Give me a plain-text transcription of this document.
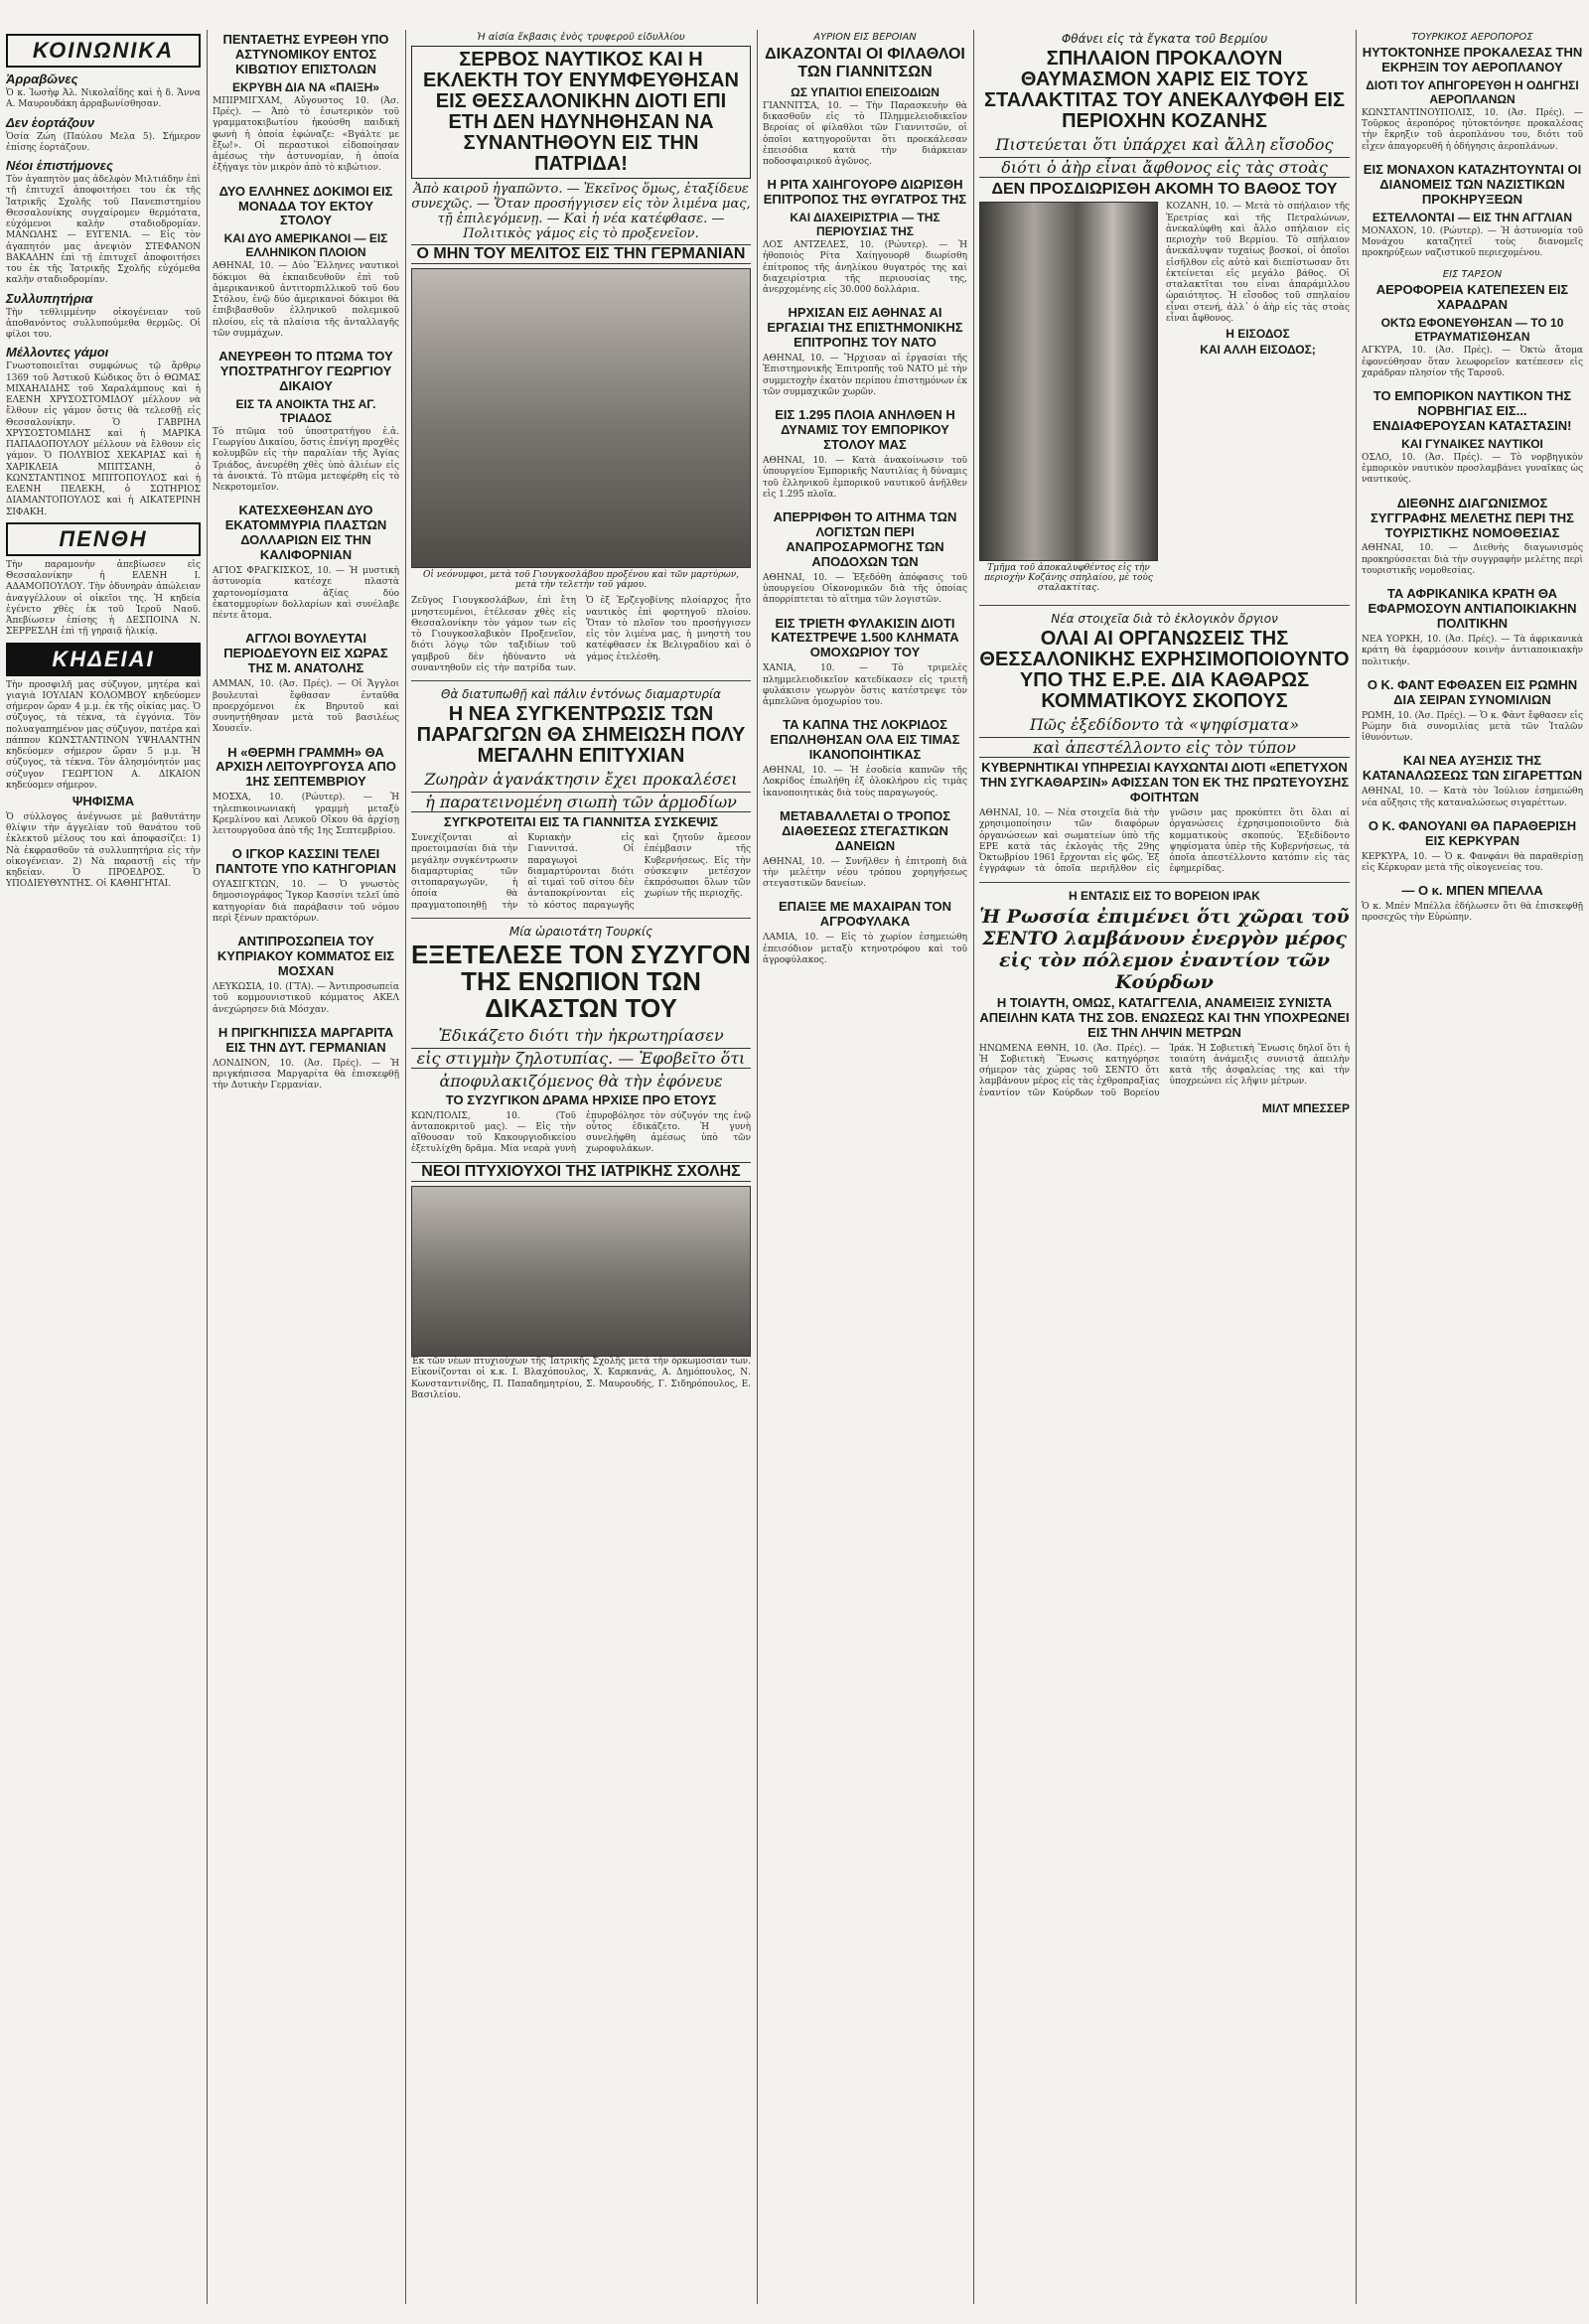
ΚΟΙΝΩΝΙΚΑ
Ἀρραβῶνες
Ὁ κ. Ἰωσὴφ Ἀλ. Νικολαΐδης καὶ ἡ δ. Ἄννα Α. Μαυρουδάκη ἀρραβωνίσθησαν.
Δεν ἑορτάζουν
Ὁσία Ζώη (Παύλου Μελα 5). Σήμερον ἐπίσης ἑορτάζουν.
Νέοι ἐπιστήμονες
Τὸν ἀγαπητὸν μας ἀδελφὸν Μιλτιάδην ἐπὶ τῇ ἐπιτυχεῖ ἀποφοιτήσει του ἐκ τῆς Ἰατρικῆς Σχολῆς τοῦ Πανεπιστημίου Θεσσαλονίκης συγχαίρομεν θερμότατα, εὐχόμενοι καλὴν σταδιοδρομίαν. ΜΑΝΩΛΗΣ — ΕΥΓΕΝΙΑ. — Εἰς τὸν ἀγαπητόν μας ἀνεψιὸν ΣΤΕΦΑΝΟΝ ΒΑΚΑΛΗΝ ἐπὶ τῇ ἐπιτυχεῖ ἀποφοιτήσει του ἐκ τῆς Ἰατρικῆς Σχολῆς εὐχόμεθα καλὴν σταδιοδρομίαν.
Συλλυπητήρια
Τὴν τεθλιμμένην οἰκογένειαν τοῦ ἀποθανόντος συλλυπούμεθα θερμῶς. Οἱ φίλοι του.
Μέλλοντες γάμοι
Γνωστοποιεῖται συμφώνως τῷ ἄρθρῳ 1369 τοῦ Ἀστικοῦ Κώδικος ὅτι ὁ ΘΩΜΑΣ ΜΙΧΑΗΛΙΔΗΣ τοῦ Χαραλάμπους καὶ ἡ ΕΛΕΝΗ ΧΡΥΣΟΣΤΟΜΙΔΟΥ μέλλουν νὰ ἔλθουν εἰς γάμον ὅστις θὰ τελεσθῇ εἰς Θεσσαλονίκην. Ὁ ΓΑΒΡΙΗΛ ΧΡΥΣΟΣΤΟΜΙΔΗΣ καὶ ἡ ΜΑΡΙΚΑ ΠΑΠΑΔΟΠΟΥΛΟΥ μέλλουν νὰ ἔλθουν εἰς γάμον. Ὁ ΠΟΛΥΒΙΟΣ ΧΕΚΑΡΙΑΣ καὶ ἡ ΧΑΡΙΚΛΕΙΑ ΜΠΙΤΣΑΝΗ, ὁ ΚΩΝΣΤΑΝΤΙΝΟΣ ΜΠΙΤΟΠΟΥΛΟΣ καὶ ἡ ΕΛΕΝΗ ΠΕΛΕΚΗ, ὁ ΣΩΤΗΡΙΟΣ ΔΙΑΜΑΝΤΟΠΟΥΛΟΣ καὶ ἡ ΑΙΚΑΤΕΡΙΝΗ ΣΙΦΑΚΗ.
ΠΕΝΘΗ
Τὴν παραμονὴν ἀπεβίωσεν εἰς Θεσσαλονίκην ἡ ΕΛΕΝΗ Ι. ΑΔΑΜΟΠΟΥΛΟΥ. Τὴν ὁδυνηρὰν ἀπώλειαν ἀναγγέλλουν οἱ οἰκεῖοι της. Ἡ κηδεία ἐγένετο χθὲς ἐκ τοῦ Ἱεροῦ Ναοῦ. Ἀπεβίωσεν ἐπίσης ἡ ΔΕΣΠΟΙΝΑ Ν. ΣΕΡΡΕΣΛΗ ἐπὶ τῇ γηραιᾷ ἡλικίᾳ.
ΚΗΔΕΙΑΙ
Τὴν προσφιλῆ μας σύζυγον, μητέρα καὶ γιαγιὰ ΙΟΥΛΙΑΝ ΚΟΛΟΜΒΟΥ κηδεύομεν σήμερον ὥραν 4 μ.μ. ἐκ τῆς οἰκίας μας. Ὁ σύζυγος, τὰ τέκνα, τὰ ἐγγόνια. Τὸν πολυαγαπημένον μας σύζυγον, πατέρα καὶ πάππον ΚΩΝΣΤΑΝΤΙΝΟΝ ΥΨΗΛΑΝΤΗΝ κηδεύομεν σήμερον ὥραν 5 μ.μ. Ἡ σύζυγος, τὰ τέκνα. Τὸν ἀλησμόνητόν μας σύζυγον ΓΕΩΡΓΙΟΝ Α. ΔΙΚΑΙΟΝ κηδεύομεν σήμερον.
ΨΗΦΙΣΜΑ
Ὁ σύλλογος ἀνέγνωσε μὲ βαθυτάτην θλίψιν τὴν ἀγγελίαν τοῦ θανάτου τοῦ ἐκλεκτοῦ μέλους του καὶ ἀποφασίζει: 1) Νὰ ἐκφρασθοῦν τὰ συλλυπητήρια εἰς τὴν οἰκογένειαν. 2) Νὰ παραστῇ εἰς τὴν κηδείαν. Ὁ ΠΡΟΕΔΡΟΣ. Ὁ ΥΠΟΔΙΕΥΘΥΝΤΗΣ. Οἱ ΚΑΘΗΓΗΤΑΙ.
ΠΕΝΤΑΕΤΗΣ ΕΥΡΕΘΗ ΥΠΟ ΑΣΤΥΝΟΜΙΚΟΥ ΕΝΤΟΣ ΚΙΒΩΤΙΟΥ ΕΠΙΣΤΟΛΩΝ
ΕΚΡΥΒΗ ΔΙΑ ΝΑ «ΠΑΙΞΗ»
ΜΠΙΡΜΙΓΧΑΜ, Αὔγουστος 10. (Ἀσ. Πρές). — Ἀπὸ τὸ ἐσωτερικὸν τοῦ γραμματοκιβωτίου ἠκούσθη παιδικὴ φωνὴ ἡ ὁποία ἐφώναζε: «Βγάλτε με ἔξω!». Οἱ περαστικοὶ εἰδοποίησαν ἀμέσως τὴν ἀστυνομίαν, ἡ ὁποία ἐξήγαγε τὸν μικρὸν ἀπὸ τὸ κιβώτιον.
ΔΥΟ ΕΛΛΗΝΕΣ ΔΟΚΙΜΟΙ ΕΙΣ ΜΟΝΑΔΑ ΤΟΥ ΕΚΤΟΥ ΣΤΟΛΟΥ
ΚΑΙ ΔΥΟ ΑΜΕΡΙΚΑΝΟΙ — ΕΙΣ ΕΛΛΗΝΙΚΟΝ ΠΛΟΙΟΝ
ΑΘΗΝΑΙ, 10. — Δύο Ἕλληνες ναυτικοὶ δόκιμοι θὰ ἐκπαιδευθοῦν ἐπὶ τοῦ ἀμερικανικοῦ ἀντιτορπιλλικοῦ τοῦ 6ου Στόλου, ἐνῷ δύο ἀμερικανοὶ δόκιμοι θὰ ἐπιβιβασθοῦν ἑλληνικοῦ πολεμικοῦ πλοίου, εἰς τὰ πλαίσια τῆς ἀνταλλαγῆς τῶν συμμάχων.
ΑΝΕΥΡΕΘΗ ΤΟ ΠΤΩΜΑ ΤΟΥ ΥΠΟΣΤΡΑΤΗΓΟΥ ΓΕΩΡΓΙΟΥ ΔΙΚΑΙΟΥ
ΕΙΣ ΤΑ ΑΝΟΙΚΤΑ ΤΗΣ ΑΓ. ΤΡΙΑΔΟΣ
Τὸ πτῶμα τοῦ ὑποστρατήγου ἐ.ἀ. Γεωργίου Δικαίου, ὅστις ἐπνίγη προχθὲς κολυμβῶν εἰς τὴν παραλίαν τῆς Ἁγίας Τριάδος, ἀνευρέθη χθὲς ὑπὸ ἁλιέων εἰς τὰ ἀνοικτά. Τὸ πτῶμα μετεφέρθη εἰς τὸ Νεκροτομεῖον.
ΚΑΤΕΣΧΕΘΗΣΑΝ ΔΥΟ ΕΚΑΤΟΜΜΥΡΙΑ ΠΛΑΣΤΩΝ ΔΟΛΛΑΡΙΩΝ ΕΙΣ ΤΗΝ ΚΑΛΙΦΟΡΝΙΑΝ
ΑΓΙΟΣ ΦΡΑΓΚΙΣΚΟΣ, 10. — Ἡ μυστικὴ ἀστυνομία κατέσχε πλαστὰ χαρτονομίσματα ἀξίας δύο ἑκατομμυρίων δολλαρίων καὶ συνέλαβε πέντε ἄτομα.
ΑΓΓΛΟΙ ΒΟΥΛΕΥΤΑΙ ΠΕΡΙΟΔΕΥΟΥΝ ΕΙΣ ΧΩΡΑΣ ΤΗΣ Μ. ΑΝΑΤΟΛΗΣ
ΑΜΜΑΝ, 10. (Ἀσ. Πρές). — Οἱ Ἄγγλοι βουλευταὶ ἔφθασαν ἐνταῦθα προερχόμενοι ἐκ Βηρυτοῦ καὶ συνηντήθησαν μετὰ τοῦ βασιλέως Χουσεΐν.
Η «ΘΕΡΜΗ ΓΡΑΜΜΗ» ΘΑ ΑΡΧΙΣΗ ΛΕΙΤΟΥΡΓΟΥΣΑ ΑΠΟ 1ΗΣ ΣΕΠΤΕΜΒΡΙΟΥ
ΜΟΣΧΑ, 10. (Ρώυτερ). — Ἡ τηλεπικοινωνιακὴ γραμμὴ μεταξὺ Κρεμλίνου καὶ Λευκοῦ Οἴκου θὰ ἀρχίσῃ λειτουργοῦσα ἀπὸ τῆς 1ης Σεπτεμβρίου.
Ο ΙΓΚΟΡ ΚΑΣΣΙΝΙ ΤΕΛΕΙ ΠΑΝΤΟΤΕ ΥΠΟ ΚΑΤΗΓΟΡΙΑΝ
ΟΥΑΣΙΓΚΤΩΝ, 10. — Ὁ γνωστὸς δημοσιογράφος Ἴγκορ Κασσίνι τελεῖ ὑπὸ κατηγορίαν διὰ παράβασιν τοῦ νόμου περὶ ξένων πρακτόρων.
ΑΝΤΙΠΡΟΣΩΠΕΙΑ ΤΟΥ ΚΥΠΡΙΑΚΟΥ ΚΟΜΜΑΤΟΣ ΕΙΣ ΜΟΣΧΑΝ
ΛΕΥΚΩΣΙΑ, 10. (ΓΤΑ). — Ἀντιπροσωπεία τοῦ κομμουνιστικοῦ κόμματος ΑΚΕΛ ἀνεχώρησεν διὰ Μόσχαν.
Η ΠΡΙΓΚΗΠΙΣΣΑ ΜΑΡΓΑΡΙΤΑ ΕΙΣ ΤΗΝ ΔΥΤ. ΓΕΡΜΑΝΙΑΝ
ΛΟΝΔΙΝΟΝ, 10. (Ἀσ. Πρές). — Ἡ πριγκήπισσα Μαργαρίτα θὰ ἐπισκεφθῇ τὴν Δυτικὴν Γερμανίαν.
Ἡ αἰσία ἔκβασις ἑνὸς τρυφεροῦ εἰδυλλίου
ΣΕΡΒΟΣ ΝΑΥΤΙΚΟΣ ΚΑΙ Η ΕΚΛΕΚΤΗ ΤΟΥ ΕΝΥΜΦΕΥΘΗΣΑΝ ΕΙΣ ΘΕΣΣΑΛΟΝΙΚΗΝ ΔΙΟΤΙ ΕΠΙ ΕΤΗ ΔΕΝ ΗΔΥΝΗΘΗΣΑΝ ΝΑ ΣΥΝΑΝΤΗΘΟΥΝ ΕΙΣ ΤΗΝ ΠΑΤΡΙΔΑ!
Ἀπὸ καιροῦ ἠγαπῶντο. — Ἐκεῖνος ὅμως, ἐταξίδευε συνεχῶς. — Ὅταν προσήγγισεν εἰς τὸν λιμένα μας, τῇ ἐπιλεγόμενῃ. — Καὶ ἡ νέα κατέφθασε. — Πολιτικὸς γάμος εἰς τὸ προξενεῖον.
Ο ΜΗΝ ΤΟΥ ΜΕΛΙΤΟΣ ΕΙΣ ΤΗΝ ΓΕΡΜΑΝΙΑΝ
Οἱ νεόνυμφοι, μετὰ τοῦ Γιουγκοσλάβου προξένου καὶ τῶν μαρτύρων, μετὰ τὴν τελετὴν τοῦ γάμου.
Ζεῦγος Γιουγκοσλάβων, ἐπὶ ἔτη μνηστευμένοι, ἐτέλεσαν χθὲς εἰς Θεσσαλονίκην τὸν γάμον των εἰς τὸ Γιουγκοσλαβικὸν Προξενεῖον, διότι λόγῳ τῶν ταξιδίων τοῦ γαμβροῦ δὲν ἠδύναντο νὰ συναντηθοῦν εἰς τὴν πατρίδα των. Ὁ ἐξ Ἐρζεγοβίνης πλοίαρχος ἦτο ναυτικὸς ἐπὶ φορτηγοῦ πλοίου. Ὅταν τὸ πλοῖον του προσήγγισεν εἰς τὸν λιμένα μας, ἡ μνηστὴ του κατέφθασεν ἐκ Βελιγραδίου καὶ ὁ γάμος ἐτελέσθη.
Θὰ διατυπωθῇ καὶ πάλιν ἐντόνως διαμαρτυρία
Η ΝΕΑ ΣΥΓΚΕΝΤΡΩΣΙΣ ΤΩΝ ΠΑΡΑΓΩΓΩΝ ΘΑ ΣΗΜΕΙΩΣΗ ΠΟΛΥ ΜΕΓΑΛΗΝ ΕΠΙΤΥΧΙΑΝ
Ζωηρὰν ἀγανάκτησιν ἔχει προκαλέσει
ἡ παρατεινομένη σιωπὴ τῶν ἁρμοδίων
ΣΥΓΚΡΟΤΕΙΤΑΙ ΕΙΣ ΤΑ ΓΙΑΝΝΙΤΣΑ ΣΥΣΚΕΨΙΣ
Συνεχίζονται αἱ προετοιμασίαι διὰ τὴν μεγάλην συγκέντρωσιν διαμαρτυρίας τῶν σιτοπαραγωγῶν, ἡ ὁποία θὰ πραγματοποιηθῇ τὴν Κυριακὴν εἰς Γιαννιτσά. Οἱ παραγωγοὶ διαμαρτύρονται διότι αἱ τιμαὶ τοῦ σίτου δὲν ἀνταποκρίνονται εἰς τὸ κόστος παραγωγῆς καὶ ζητοῦν ἄμεσον ἐπέμβασιν τῆς Κυβερνήσεως. Εἰς τὴν σύσκεψιν μετέσχον ἐκπρόσωποι ὅλων τῶν χωρίων τῆς περιοχῆς.
Μία ὡραιοτάτη Τουρκίς
ΕΞΕΤΕΛΕΣΕ ΤΟΝ ΣΥΖΥΓΟΝ ΤΗΣ ΕΝΩΠΙΟΝ ΤΩΝ ΔΙΚΑΣΤΩΝ ΤΟΥ
Ἐδικάζετο διότι τὴν ἠκρωτηρίασεν
εἰς στιγμὴν ζηλοτυπίας. — Ἐφοβεῖτο ὅτι
ἀποφυλακιζόμενος θὰ τὴν ἐφόνευε
ΤΟ ΣΥΖΥΓΙΚΟΝ ΔΡΑΜΑ ΗΡΧΙΣΕ ΠΡΟ ΕΤΟΥΣ
ΚΩΝ/ΠΟΛΙΣ, 10. (Τοῦ ἀνταποκριτοῦ μας). — Εἰς τὴν αἴθουσαν τοῦ Κακουργιοδικείου ἐξετυλίχθη δρᾶμα. Μία νεαρὰ γυνὴ ἐπυροβόλησε τὸν σύζυγόν της ἐνῷ οὗτος ἐδικάζετο. Ἡ γυνὴ συνελήφθη ἀμέσως ὑπὸ τῶν χωροφυλάκων.
ΝΕΟΙ ΠΤΥΧΙΟΥΧΟΙ ΤΗΣ ΙΑΤΡΙΚΗΣ ΣΧΟΛΗΣ
Ἐκ τῶν νέων πτυχιούχων τῆς Ἰατρικῆς Σχολῆς μετὰ τὴν ὁρκωμοσίαν των. Εἰκονίζονται οἱ κ.κ. Ι. Βλαχόπουλος, Χ. Καρκανάς, Α. Δημόπουλος, Ν. Κωνσταντινίδης, Π. Παπαδημητρίου, Σ. Μαυρουδής, Γ. Σιδηρόπουλος, Ε. Βασιλείου.
ΑΥΡΙΟΝ ΕΙΣ ΒΕΡΟΙΑΝ
ΔΙΚΑΖΟΝΤΑΙ ΟΙ ΦΙΛΑΘΛΟΙ ΤΩΝ ΓΙΑΝΝΙΤΣΩΝ
ΩΣ ΥΠΑΙΤΙΟΙ ΕΠΕΙΣΟΔΙΩΝ
ΓΙΑΝΝΙΤΣΑ, 10. — Τὴν Παρασκευὴν θὰ δικασθοῦν εἰς τὸ Πλημμελειοδικεῖον Βεροίας οἱ φίλαθλοι τῶν Γιαννιτσῶν, οἱ ὁποῖοι κατηγοροῦνται ὅτι προεκάλεσαν ἐπεισόδια κατὰ τὴν διάρκειαν ποδοσφαιρικοῦ ἀγῶνος.
Η ΡΙΤΑ ΧΑΙΗΓΟΥΟΡΘ ΔΙΩΡΙΣΘΗ ΕΠΙΤΡΟΠΟΣ ΤΗΣ ΘΥΓΑΤΡΟΣ ΤΗΣ
ΚΑΙ ΔΙΑΧΕΙΡΙΣΤΡΙΑ — ΤΗΣ ΠΕΡΙΟΥΣΙΑΣ ΤΗΣ
ΛΟΣ ΑΝΤΖΕΛΕΣ, 10. (Ρώυτερ). — Ἡ ἠθοποιὸς Ρίτα Χαίηγουορθ διωρίσθη ἐπίτροπος τῆς ἀνηλίκου θυγατρός της καὶ διαχειρίστρια τῆς περιουσίας της, ἀνερχομένης εἰς 30.000 δολλάρια.
ΗΡΧΙΣΑΝ ΕΙΣ ΑΘΗΝΑΣ ΑΙ ΕΡΓΑΣΙΑΙ ΤΗΣ ΕΠΙΣΤΗΜΟΝΙΚΗΣ ΕΠΙΤΡΟΠΗΣ ΤΟΥ ΝΑΤΟ
ΑΘΗΝΑΙ, 10. — Ἤρχισαν αἱ ἐργασίαι τῆς Ἐπιστημονικῆς Ἐπιτροπῆς τοῦ ΝΑΤΟ μὲ τὴν συμμετοχὴν ἑκατὸν περίπου ἐπιστημόνων ἐκ τῶν συμμαχικῶν χωρῶν.
ΕΙΣ 1.295 ΠΛΟΙΑ ΑΝΗΛΘΕΝ Η ΔΥΝΑΜΙΣ ΤΟΥ ΕΜΠΟΡΙΚΟΥ ΣΤΟΛΟΥ ΜΑΣ
ΑΘΗΝΑΙ, 10. — Κατὰ ἀνακοίνωσιν τοῦ ὑπουργείου Ἐμπορικῆς Ναυτιλίας ἡ δύναμις τοῦ ἑλληνικοῦ ἐμπορικοῦ ναυτικοῦ ἀνῆλθεν εἰς 1.295 πλοῖα.
ΑΠΕΡΡΙΦΘΗ ΤΟ ΑΙΤΗΜΑ ΤΩΝ ΛΟΓΙΣΤΩΝ ΠΕΡΙ ΑΝΑΠΡΟΣΑΡΜΟΓΗΣ ΤΩΝ ΑΠΟΔΟΧΩΝ ΤΩΝ
ΑΘΗΝΑΙ, 10. — Ἐξεδόθη ἀπόφασις τοῦ ὑπουργείου Οἰκονομικῶν διὰ τῆς ὁποίας ἀπορρίπτεται τὸ αἴτημα τῶν λογιστῶν.
ΕΙΣ ΤΡΙΕΤΗ ΦΥΛΑΚΙΣΙΝ ΔΙΟΤΙ ΚΑΤΕΣΤΡΕΨΕ 1.500 ΚΛΗΜΑΤΑ ΟΜΟΧΩΡΙΟΥ ΤΟΥ
ΧΑΝΙΑ, 10. — Τὸ τριμελὲς πλημμελειοδικεῖον κατεδίκασεν εἰς τριετῆ φυλάκισιν γεωργὸν ὅστις κατέστρεψε τὸν ἀμπελῶνα ὁμοχωρίου του.
ΤΑ ΚΑΠΝΑ ΤΗΣ ΛΟΚΡΙΔΟΣ ΕΠΩΛΗΘΗΣΑΝ ΟΛΑ ΕΙΣ ΤΙΜΑΣ ΙΚΑΝΟΠΟΙΗΤΙΚΑΣ
ΑΘΗΝΑΙ, 10. — Ἡ ἐσοδεία καπνῶν τῆς Λοκρίδος ἐπωλήθη ἐξ ὁλοκλήρου εἰς τιμὰς ἱκανοποιητικὰς διὰ τοὺς παραγωγούς.
ΜΕΤΑΒΑΛΛΕΤΑΙ Ο ΤΡΟΠΟΣ ΔΙΑΘΕΣΕΩΣ ΣΤΕΓΑΣΤΙΚΩΝ ΔΑΝΕΙΩΝ
ΑΘΗΝΑΙ, 10. — Συνῆλθεν ἡ ἐπιτροπὴ διὰ τὴν μελέτην νέου τρόπου χορηγήσεως στεγαστικῶν δανείων.
ΕΠΑΙΞΕ ΜΕ ΜΑΧΑΙΡΑΝ ΤΟΝ ΑΓΡΟΦΥΛΑΚΑ
ΛΑΜΙΑ, 10. — Εἰς τὸ χωρίον ἐσημειώθη ἐπεισόδιον μεταξὺ κτηνοτρόφου καὶ τοῦ ἀγροφύλακος.
Φθάνει εἰς τὰ ἔγκατα τοῦ Βερμίου
ΣΠΗΛΑΙΟΝ ΠΡΟΚΑΛΟΥΝ ΘΑΥΜΑΣΜΟΝ ΧΑΡΙΣ ΕΙΣ ΤΟΥΣ ΣΤΑΛΑΚΤΙΤΑΣ ΤΟΥ ΑΝΕΚΑΛΥΦΘΗ ΕΙΣ ΠΕΡΙΟΧΗΝ ΚΟΖΑΝΗΣ
Πιστεύεται ὅτι ὑπάρχει καὶ ἄλλη εἴσοδος
διότι ὁ ἀὴρ εἶναι ἄφθονος εἰς τὰς στοὰς
ΔΕΝ ΠΡΟΣΔΙΩΡΙΣΘΗ ΑΚΟΜΗ ΤΟ ΒΑΘΟΣ ΤΟΥ
Τμῆμα τοῦ ἀποκαλυφθέντος εἰς τὴν περιοχὴν Κοζάνης σπηλαίου, μὲ τοὺς σταλακτίτας.
ΚΟΖΑΝΗ, 10. — Μετὰ τὸ σπήλαιον τῆς Ἐρετρίας καὶ τῆς Πετραλώνων, ἀνεκαλύφθη καὶ ἄλλο σπήλαιον εἰς περιοχὴν τοῦ Βερμίου. Τὸ σπήλαιον ἀνεκάλυψαν τυχαίως βοσκοί, οἱ ὁποῖοι εἰσῆλθον εἰς αὐτὸ καὶ διεπίστωσαν ὅτι ἐκτείνεται εἰς μεγάλο βάθος. Οἱ σταλακτῖται του εἶναι ἀπαράμιλλου ὡραιότητος. Ἡ εἴσοδος τοῦ σπηλαίου εἶναι στενή, ἀλλ᾽ ὁ ἀὴρ εἰς τὰς στοὰς εἶναι ἄφθονος.
Η ΕΙΣΟΔΟΣ
ΚΑΙ ΑΛΛΗ ΕΙΣΟΔΟΣ;
Νέα στοιχεῖα διὰ τὸ ἐκλογικὸν ὄργιον
ΟΛΑΙ ΑΙ ΟΡΓΑΝΩΣΕΙΣ ΤΗΣ ΘΕΣΣΑΛΟΝΙΚΗΣ ΕΧΡΗΣΙΜΟΠΟΙΟΥΝΤΟ ΥΠΟ ΤΗΣ Ε.Ρ.Ε. ΔΙΑ ΚΑΘΑΡΩΣ ΚΟΜΜΑΤΙΚΟΥΣ ΣΚΟΠΟΥΣ
Πῶς ἐξεδίδοντο τὰ «ψηφίσματα»
καὶ ἀπεστέλλοντο εἰς τὸν τύπον
ΚΥΒΕΡΝΗΤΙΚΑΙ ΥΠΗΡΕΣΙΑΙ ΚΑΥΧΩΝΤΑΙ ΔΙΟΤΙ «ΕΠΕΤΥΧΟΝ ΤΗΝ ΣΥΓΚΑΘΑΡΣΙΝ» ΑΦΙΣΣΑΝ ΤΟΝ ΕΚ ΤΗΣ ΠΡΩΤΕΥΟΥΣΗΣ ΦΟΙΤΗΤΩΝ
ΑΘΗΝΑΙ, 10. — Νέα στοιχεῖα διὰ τὴν χρησιμοποίησιν τῶν διαφόρων ὀργανώσεων καὶ σωματείων ὑπὸ τῆς ΕΡΕ κατὰ τὰς ἐκλογὰς τῆς 29ης Ὀκτωβρίου 1961 ἔρχονται εἰς φῶς. Ἐξ ἐγγράφων τὰ ὁποῖα περιῆλθον εἰς γνῶσιν μας προκύπτει ὅτι ὅλαι αἱ ὀργανώσεις ἐχρησιμοποιοῦντο διὰ κομματικοὺς σκοπούς. Ἐξεδίδοντο ψηφίσματα ὑπὲρ τῆς Κυβερνήσεως, τὰ ὁποῖα ἀπεστέλλοντο κατόπιν εἰς τὰς ἐφημερίδας.
Η ΕΝΤΑΣΙΣ ΕΙΣ ΤΟ ΒΟΡΕΙΟΝ ΙΡΑΚ
Ἡ Ρωσσία ἐπιμένει ὅτι χῶραι τοῦ ΣΕΝΤΟ λαμβάνουν ἐνεργὸν μέρος εἰς τὸν πόλεμον ἐναντίον τῶν Κούρδων
Η ΤΟΙΑΥΤΗ, ΟΜΩΣ, ΚΑΤΑΓΓΕΛΙΑ, ΑΝΑΜΕΙΞΙΣ ΣΥΝΙΣΤΑ ΑΠΕΙΛΗΝ ΚΑΤΑ ΤΗΣ ΣΟΒ. ΕΝΩΣΕΩΣ ΚΑΙ ΤΗΝ ΥΠΟΧΡΕΩΝΕΙ ΕΙΣ ΤΗΝ ΛΗΨΙΝ ΜΕΤΡΩΝ
ΗΝΩΜΕΝΑ ΕΘΝΗ, 10. (Ἀσ. Πρές). — Ἡ Σοβιετικὴ Ἕνωσις κατηγόρησε σήμερον τὰς χώρας τοῦ ΣΕΝΤΟ ὅτι λαμβάνουν μέρος εἰς τὰς ἐχθροπραξίας ἐναντίον τῶν Κούρδων τοῦ Βορείου Ἰράκ. Ἡ Σοβιετικὴ Ἕνωσις δηλοῖ ὅτι ἡ τοιαύτη ἀνάμειξις συνιστᾷ ἀπειλὴν κατὰ τῆς ἀσφαλείας της καὶ τὴν ὑποχρεώνει εἰς λῆψιν μέτρων.
ΜΙΛΤ ΜΠΕΣΣΕΡ
ΤΟΥΡΚΙΚΟΣ ΑΕΡΟΠΟΡΟΣ
ΗΥΤΟΚΤΟΝΗΣΕ ΠΡΟΚΑΛΕΣΑΣ ΤΗΝ ΕΚΡΗΞΙΝ ΤΟΥ ΑΕΡΟΠΛΑΝΟΥ
ΔΙΟΤΙ ΤΟΥ ΑΠΗΓΟΡΕΥΘΗ Η ΟΔΗΓΗΣΙ ΑΕΡΟΠΛΑΝΩΝ
ΚΩΝΣΤΑΝΤΙΝΟΥΠΟΛΙΣ, 10. (Ἀσ. Πρές). — Τοῦρκος ἀεροπόρος ηὐτοκτόνησε προκαλέσας τὴν ἔκρηξιν τοῦ ἀεροπλάνου του, διότι τοῦ εἶχεν ἀπαγορευθῆ ἡ ὁδήγησις ἀεροπλάνων.
ΕΙΣ ΜΟΝΑΧΟΝ ΚΑΤΑΖΗΤΟΥΝΤΑΙ ΟΙ ΔΙΑΝΟΜΕΙΣ ΤΩΝ ΝΑΖΙΣΤΙΚΩΝ ΠΡΟΚΗΡΥΞΕΩΝ
ΕΣΤΕΛΛΟΝΤΑΙ — ΕΙΣ ΤΗΝ ΑΓΓΛΙΑΝ
ΜΟΝΑΧΟΝ, 10. (Ρώυτερ). — Ἡ ἀστυνομία τοῦ Μονάχου καταζητεῖ τοὺς διανομεῖς προκηρύξεων ναζιστικοῦ περιεχομένου.
ΕΙΣ ΤΑΡΣΟΝ
ΑΕΡΟΦΟΡΕΙΑ ΚΑΤΕΠΕΣΕΝ ΕΙΣ ΧΑΡΑΔΡΑΝ
ΟΚΤΩ ΕΦΟΝΕΥΘΗΣΑΝ — ΤΟ 10 ΕΤΡΑΥΜΑΤΙΣΘΗΣΑΝ
ΑΓΚΥΡΑ, 10. (Ἀσ. Πρές). — Ὀκτὼ ἄτομα ἐφονεύθησαν ὅταν λεωφορεῖον κατέπεσεν εἰς χαράδραν πλησίον τῆς Ταρσοῦ.
ΤΟ ΕΜΠΟΡΙΚΟΝ ΝΑΥΤΙΚΟΝ ΤΗΣ ΝΟΡΒΗΓΙΑΣ ΕΙΣ... ΕΝΔΙΑΦΕΡΟΥΣΑΝ ΚΑΤΑΣΤΑΣΙΝ!
ΚΑΙ ΓΥΝΑΙΚΕΣ ΝΑΥΤΙΚΟΙ
ΟΣΛΟ, 10. (Ἀσ. Πρές). — Τὸ νορβηγικὸν ἐμπορικὸν ναυτικὸν προσλαμβάνει γυναῖκας ὡς ναυτικούς.
ΔΙΕΘΝΗΣ ΔΙΑΓΩΝΙΣΜΟΣ ΣΥΓΓΡΑΦΗΣ ΜΕΛΕΤΗΣ ΠΕΡΙ ΤΗΣ ΤΟΥΡΙΣΤΙΚΗΣ ΝΟΜΟΘΕΣΙΑΣ
ΑΘΗΝΑΙ, 10. — Διεθνὴς διαγωνισμὸς προκηρύσσεται διὰ τὴν συγγραφὴν μελέτης περὶ τουριστικῆς νομοθεσίας.
ΤΑ ΑΦΡΙΚΑΝΙΚΑ ΚΡΑΤΗ ΘΑ ΕΦΑΡΜΟΣΟΥΝ ΑΝΤΙΑΠΟΙΚΙΑΚΗΝ ΠΟΛΙΤΙΚΗΝ
ΝΕΑ ΥΟΡΚΗ, 10. (Ἀσ. Πρές). — Τὰ ἀφρικανικὰ κράτη θὰ ἐφαρμόσουν κοινὴν ἀντιαποικιακὴν πολιτικήν.
Ο Κ. ΦΑΝΤ ΕΦΘΑΣΕΝ ΕΙΣ ΡΩΜΗΝ ΔΙΑ ΣΕΙΡΑΝ ΣΥΝΟΜΙΛΙΩΝ
ΡΩΜΗ, 10. (Ἀσ. Πρές). — Ὁ κ. Φὰντ ἔφθασεν εἰς Ρώμην διὰ συνομιλίας μετὰ τῶν Ἰταλῶν ἰθυνόντων.
ΚΑΙ ΝΕΑ ΑΥΞΗΣΙΣ ΤΗΣ ΚΑΤΑΝΑΛΩΣΕΩΣ ΤΩΝ ΣΙΓΑΡΕΤΤΩΝ
ΑΘΗΝΑΙ, 10. — Κατὰ τὸν Ἰούλιον ἐσημειώθη νέα αὔξησις τῆς καταναλώσεως σιγαρέττων.
Ο Κ. ΦΑΝΟΥΑΝΙ ΘΑ ΠΑΡΑΘΕΡΙΣΗ ΕΙΣ ΚΕΡΚΥΡΑΝ
ΚΕΡΚΥΡΑ, 10. — Ὁ κ. Φανφάνι θὰ παραθερίσῃ εἰς Κέρκυραν μετὰ τῆς οἰκογενείας του.
— Ο κ. ΜΠΕΝ ΜΠΕΛΛΑ
Ὁ κ. Μπὲν Μπέλλα ἐδήλωσεν ὅτι θὰ ἐπισκεφθῇ προσεχῶς τὴν Εὐρώπην.
